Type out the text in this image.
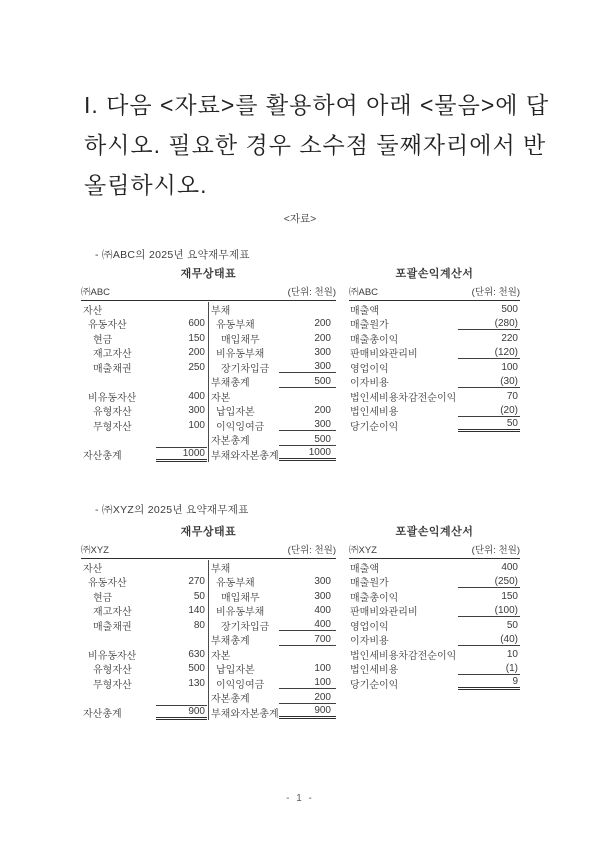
I. 다음 <자료>를 활용하여 아래 <물음>에 답
하시오. 필요한 경우 소수점 둘째자리에서 반
올림하시오.
<자료>
- ㈜ABC의 2025년 요약재무제표
재무상태표
㈜ABC	(단위: 천원)
자산
유동자산	600
현금	150
재고자산	200
매출채권	250
비유동자산	400
유형자산	300
무형자산	100
자산총계	1000
부채
유동부채	200
매입채무	200
비유동부채	300
장기차입금	300
부채총계	500
자본
납입자본	200
이익잉여금	300
자본총계	500
부채와자본총계	1000
포괄손익계산서
㈜ABC	(단위: 천원)
매출액	500
매출원가	(280)
매출총이익	220
판매비와관리비	(120)
영업이익	100
이자비용	(30)
법인세비용차감전순이익	70
법인세비용	(20)
당기순이익	50
- ㈜XYZ의 2025년 요약재무제표
재무상태표
㈜XYZ	(단위: 천원)
자산
유동자산	270
현금	50
재고자산	140
매출채권	80
비유동자산	630
유형자산	500
무형자산	130
자산총계	900
부채
유동부채	300
매입채무	300
비유동부채	400
장기차입금	400
부채총계	700
자본
납입자본	100
이익잉여금	100
자본총계	200
부채와자본총계	900
포괄손익계산서
㈜XYZ	(단위: 천원)
매출액	400
매출원가	(250)
매출총이익	150
판매비와관리비	(100)
영업이익	50
이자비용	(40)
법인세비용차감전순이익	10
법인세비용	(1)
당기순이익	9
- 1 -
